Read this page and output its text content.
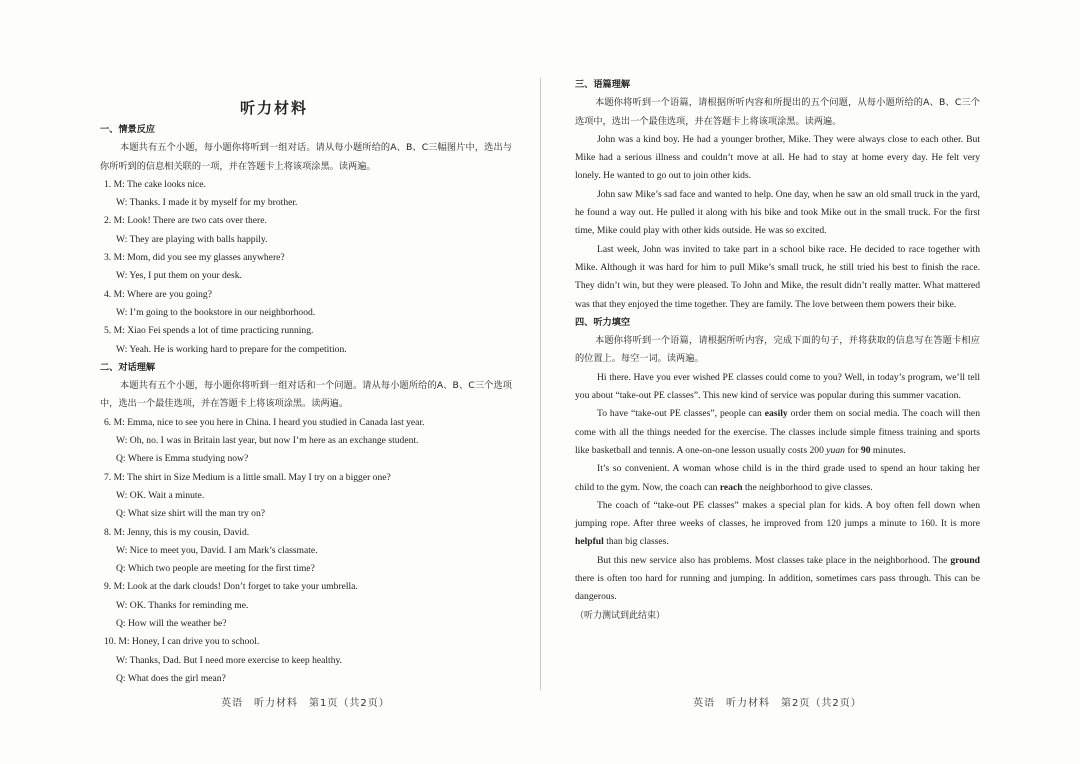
听力材料
一、情景反应
本题共有五个小题，每小题你将听到一组对话。请从每小题所给的A、B、C三幅图片中，选出与你所听到的信息相关联的一项，并在答题卡上将该项涂黑。读两遍。
1. M: The cake looks nice.
W: Thanks. I made it by myself for my brother.
2. M: Look! There are two cats over there.
W: They are playing with balls happily.
3. M: Mom, did you see my glasses anywhere?
W: Yes, I put them on your desk.
4. M: Where are you going?
W: I’m going to the bookstore in our neighborhood.
5. M: Xiao Fei spends a lot of time practicing running.
W: Yeah. He is working hard to prepare for the competition.
二、对话理解
本题共有五个小题，每小题你将听到一组对话和一个问题。请从每小题所给的A、B、C三个选项中，选出一个最佳选项，并在答题卡上将该项涂黑。读两遍。
6. M: Emma, nice to see you here in China. I heard you studied in Canada last year.
W: Oh, no. I was in Britain last year, but now I’m here as an exchange student.
Q: Where is Emma studying now?
7. M: The shirt in Size Medium is a little small. May I try on a bigger one?
W: OK. Wait a minute.
Q: What size shirt will the man try on?
8. M: Jenny, this is my cousin, David.
W: Nice to meet you, David. I am Mark’s classmate.
Q: Which two people are meeting for the first time?
9. M: Look at the dark clouds! Don’t forget to take your umbrella.
W: OK. Thanks for reminding me.
Q: How will the weather be?
10. M: Honey, I can drive you to school.
W: Thanks, Dad. But I need more exercise to keep healthy.
Q: What does the girl mean?
三、语篇理解
本题你将听到一个语篇，请根据所听内容和所提出的五个问题，从每小题所给的A、B、C三个选项中，选出一个最佳选项，并在答题卡上将该项涂黑。读两遍。
John was a kind boy. He had a younger brother, Mike. They were always close to each other. But Mike had a serious illness and couldn’t move at all. He had to stay at home every day. He felt very lonely. He wanted to go out to join other kids.
John saw Mike’s sad face and wanted to help. One day, when he saw an old small truck in the yard, he found a way out. He pulled it along with his bike and took Mike out in the small truck. For the first time, Mike could play with other kids outside. He was so excited.
Last week, John was invited to take part in a school bike race. He decided to race together with Mike. Although it was hard for him to pull Mike’s small truck, he still tried his best to finish the race. They didn’t win, but they were pleased. To John and Mike, the result didn’t really matter. What mattered was that they enjoyed the time together. They are family. The love between them powers their bike.
四、听力填空
本题你将听到一个语篇，请根据所听内容，完成下面的句子，并将获取的信息写在答题卡相应的位置上。每空一词。读两遍。
Hi there. Have you ever wished PE classes could come to you? Well, in today’s program, we’ll tell you about “take-out PE classes”. This new kind of service was popular during this summer vacation.
To have “take-out PE classes”, people can easily order them on social media. The coach will then come with all the things needed for the exercise. The classes include simple fitness training and sports like basketball and tennis. A one-on-one lesson usually costs 200 yuan for 90 minutes.
It’s so convenient. A woman whose child is in the third grade used to spend an hour taking her child to the gym. Now, the coach can reach the neighborhood to give classes.
The coach of “take-out PE classes” makes a special plan for kids. A boy often fell down when jumping rope. After three weeks of classes, he improved from 120 jumps a minute to 160. It is more helpful than big classes.
But this new service also has problems. Most classes take place in the neighborhood. The ground there is often too hard for running and jumping. In addition, sometimes cars pass through. This can be dangerous.
（听力测试到此结束）
英语　听力材料　第1页（共2页）	英语　听力材料　第2页（共2页）
